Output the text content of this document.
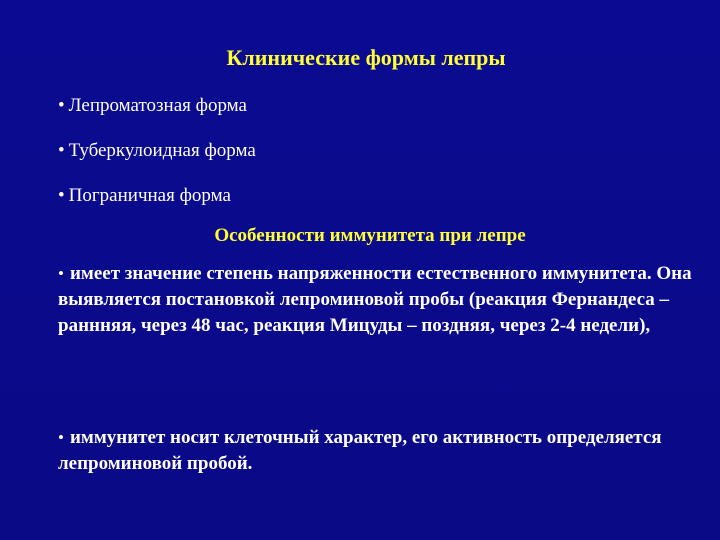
Клинические формы лепры
• Лепроматозная форма
• Туберкулоидная форма
• Пограничная форма
Особенности иммунитета при лепре

• имеет значение степень напряженности естественного иммунитета. Она выявляется постановкой лепроминовой пробы (реакция Фернандеса –раннняя, через 48 час, реакция Мицуды – поздняя, через 2-4 недели),

• иммунитет носит клеточный характер, его активность определяется лепроминовой пробой.
